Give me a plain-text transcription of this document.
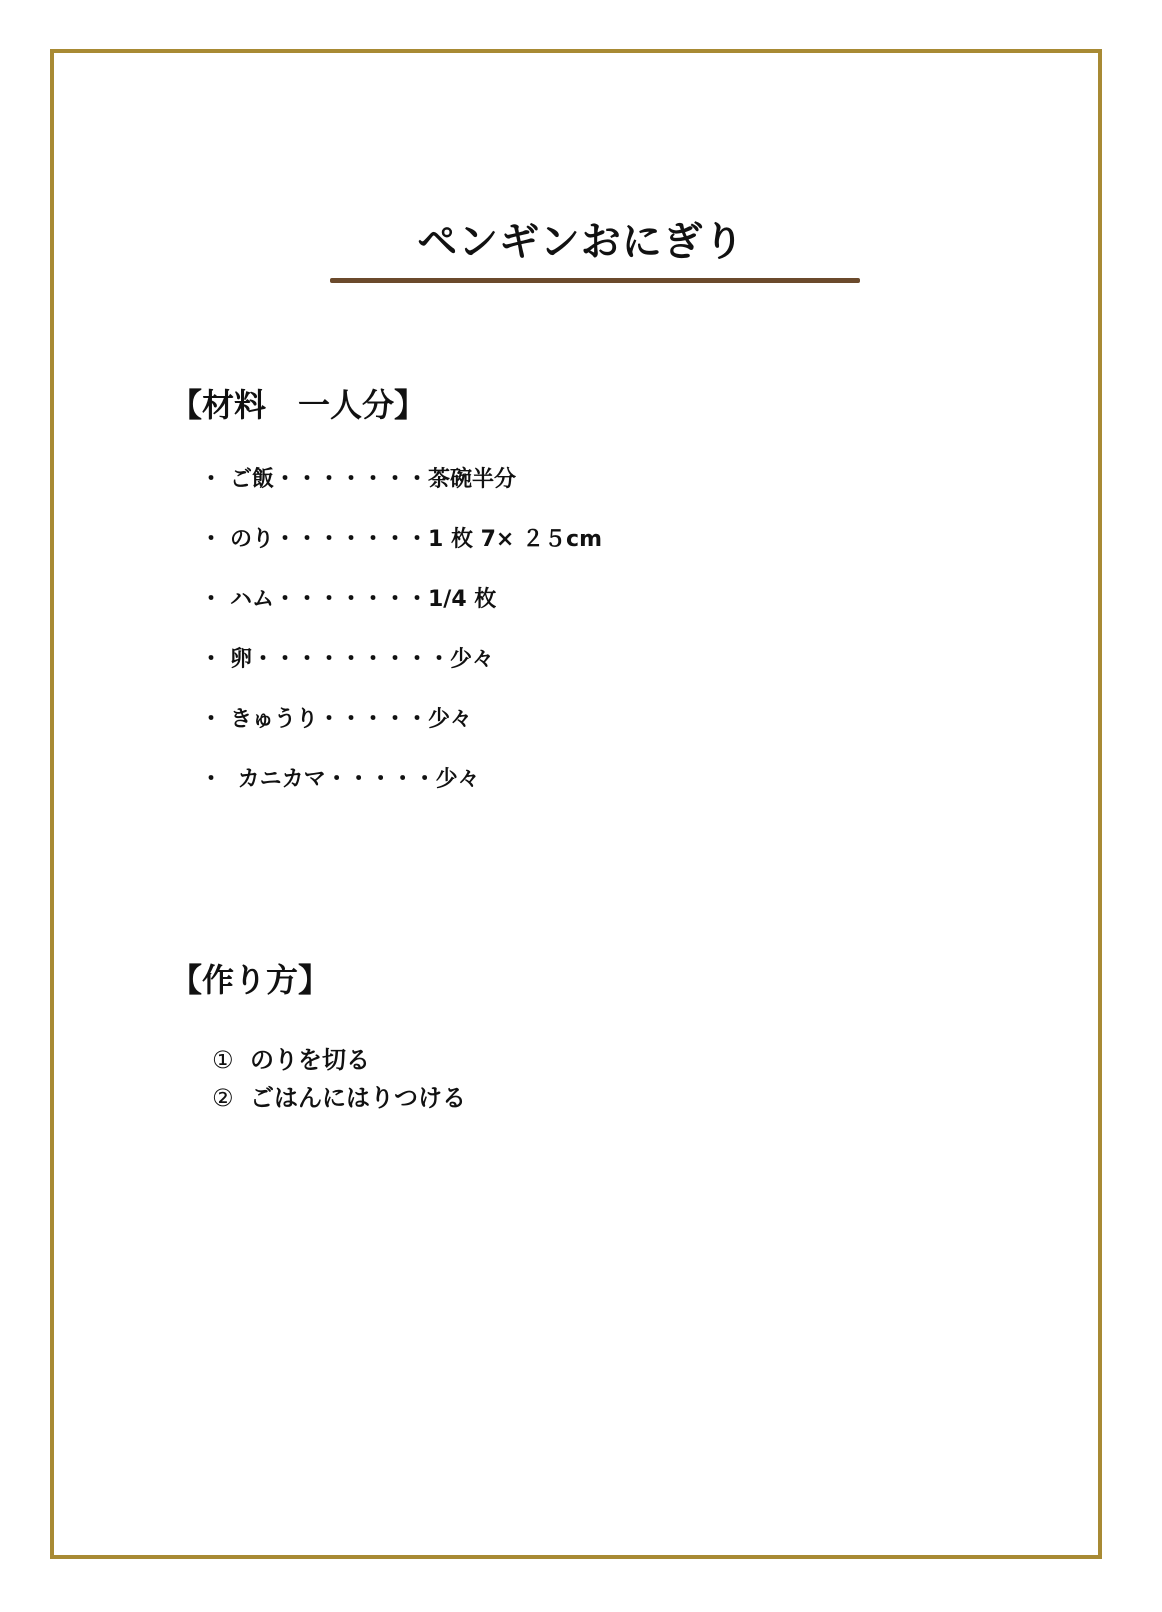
ペンギンおにぎり
【材料　一人分】
・ ご飯・・・・・・・茶碗半分
・ のり・・・・・・・1 枚 7× ２５cm
・ ハム・・・・・・・1/4 枚
・ 卵・・・・・・・・・少々
・ きゅうり・・・・・少々
・ カニカマ・・・・・少々
【作り方】
① のりを切る
② ごはんにはりつける
